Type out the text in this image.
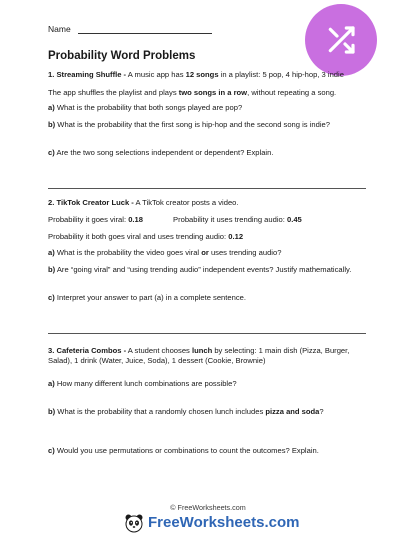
Name
Probability Word Problems
1. Streaming Shuffle - A music app has 12 songs in a playlist: 5 pop, 4 hip-hop, 3 indie
The app shuffles the playlist and plays two songs in a row, without repeating a song.
a) What is the probability that both songs played are pop?
b) What is the probability that the first song is hip-hop and the second song is indie?
c) Are the two song selections independent or dependent? Explain.
2. TikTok Creator Luck - A TikTok creator posts a video.
Probability it goes viral: 0.18	Probability it uses trending audio: 0.45
Probability it both goes viral and uses trending audio: 0.12
a) What is the probability the video goes viral or uses trending audio?
b) Are “going viral” and “using trending audio” independent events? Justify mathematically.
c) Interpret your answer to part (a) in a complete sentence.
3. Cafeteria Combos - A student chooses lunch by selecting: 1 main dish (Pizza, Burger, Salad), 1 drink (Water, Juice, Soda), 1 dessert (Cookie, Brownie)
a) How many different lunch combinations are possible?
b) What is the probability that a randomly chosen lunch includes pizza and soda?
c) Would you use permutations or combinations to count the outcomes? Explain.
© FreeWorksheets.com
FreeWorksheets.com
